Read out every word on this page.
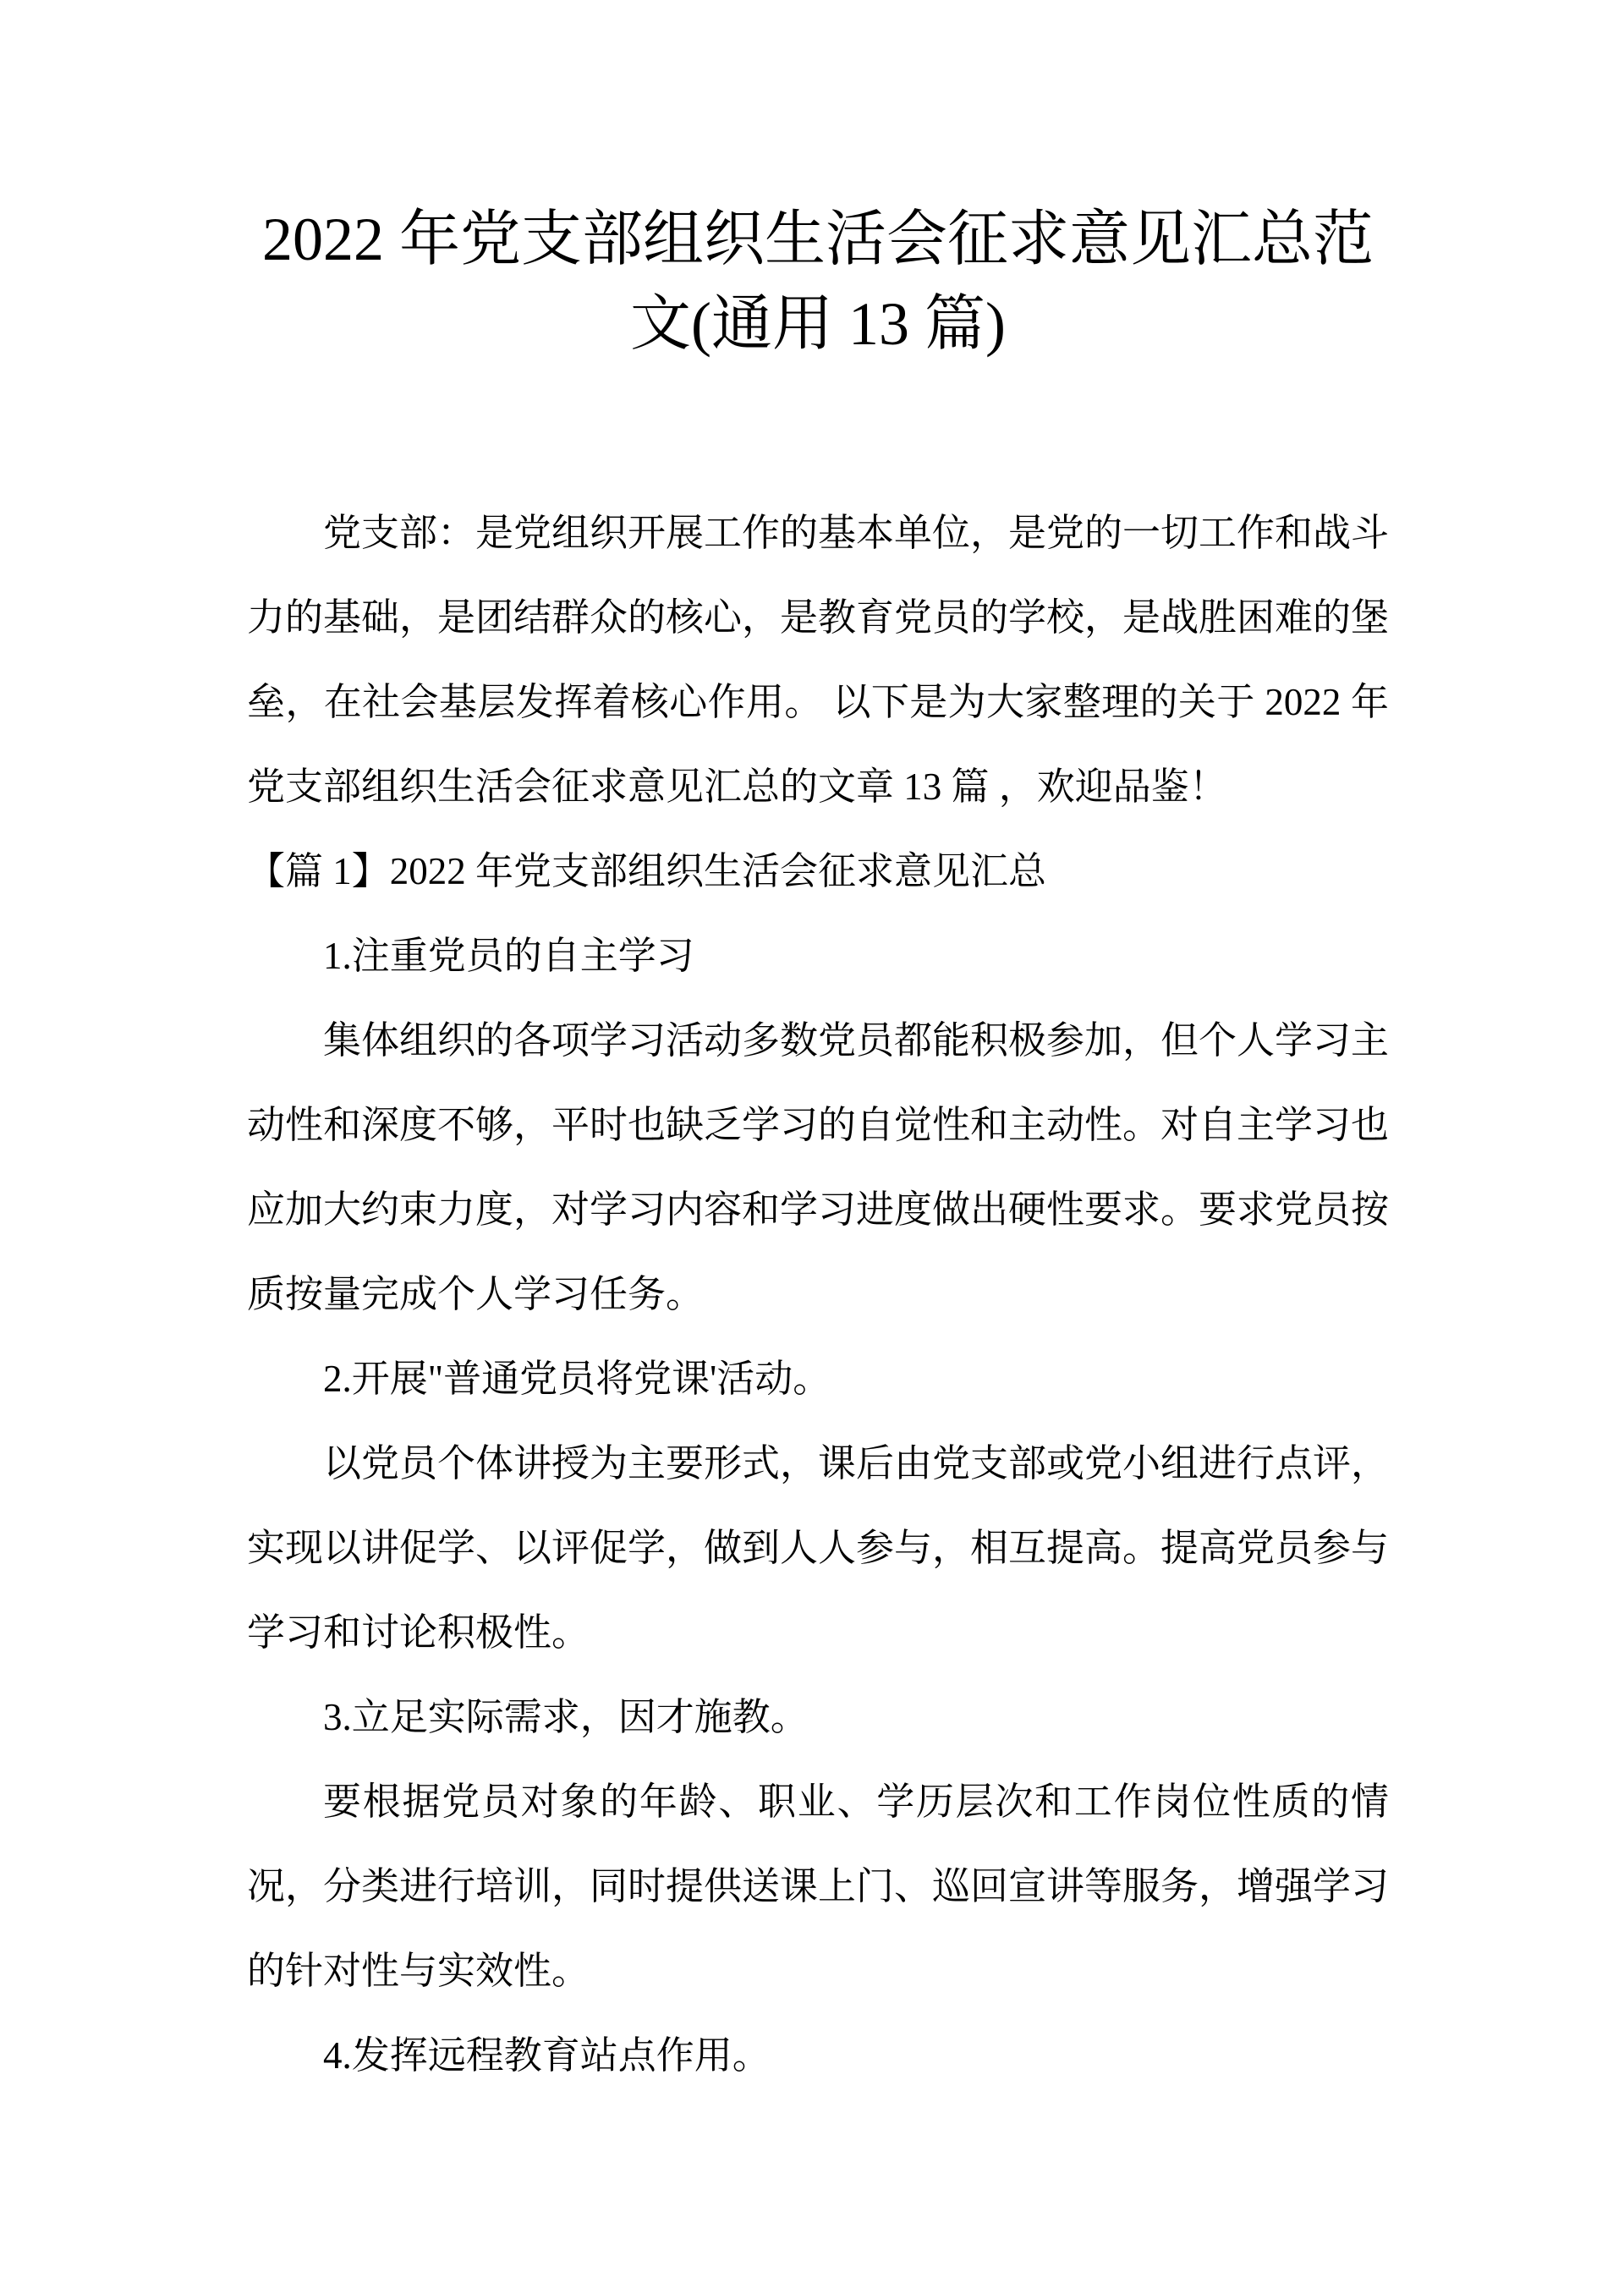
2022 年党支部组织生活会征求意见汇总范文(通用 13 篇)

党支部：是党组织开展工作的基本单位，是党的一切工作和战斗力的基础，是团结群众的核心，是教育党员的学校，是战胜困难的堡垒，在社会基层发挥着核心作用。 以下是为大家整理的关于 2022 年党支部组织生活会征求意见汇总的文章 13 篇 ，欢迎品鉴！

【篇 1】2022 年党支部组织生活会征求意见汇总

1.注重党员的自主学习

集体组织的各项学习活动多数党员都能积极参加，但个人学习主动性和深度不够，平时也缺乏学习的自觉性和主动性。对自主学习也应加大约束力度，对学习内容和学习进度做出硬性要求。要求党员按质按量完成个人学习任务。

2.开展"普通党员将党课'活动。

以党员个体讲授为主要形式，课后由党支部或党小组进行点评，实现以讲促学、以评促学，做到人人参与，相互提高。提高党员参与学习和讨论积极性。

3.立足实际需求，因才施教。

要根据党员对象的年龄、职业、学历层次和工作岗位性质的情况，分类进行培训，同时提供送课上门、巡回宣讲等服务，增强学习的针对性与实效性。

4.发挥远程教育站点作用。
